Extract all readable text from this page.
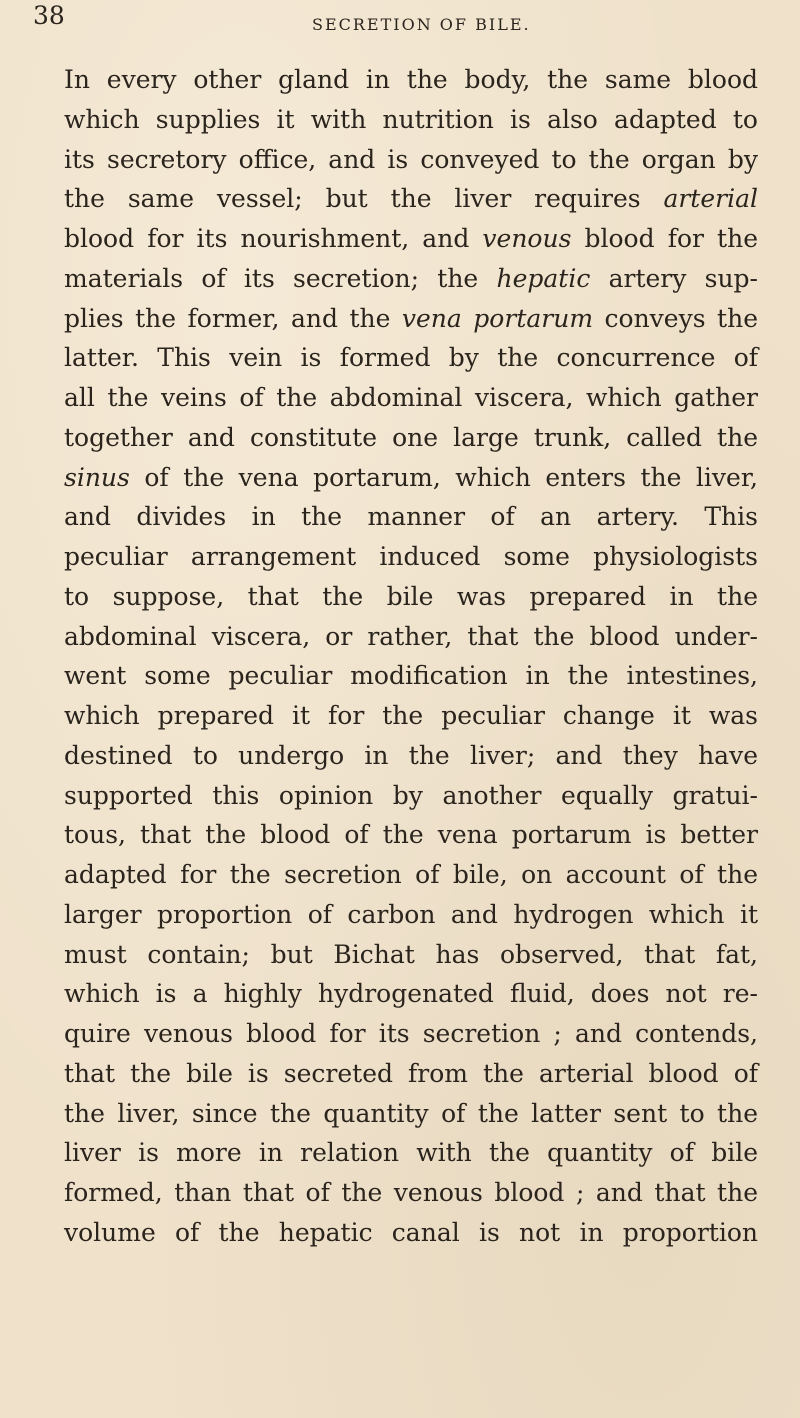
38	SECRETION OF BILE.

In every other gland in the body, the same blood
which supplies it with nutrition is also adapted to
its secretory office, and is conveyed to the organ by
the same vessel; but the liver requires arterial
blood for its nourishment, and venous blood for the
materials of its secretion; the hepatic artery sup-
plies the former, and the vena portarum conveys the
latter. This vein is formed by the concurrence of
all the veins of the abdominal viscera, which gather
together and constitute one large trunk, called the
sinus of the vena portarum, which enters the liver,
and divides in the manner of an artery. This
peculiar arrangement induced some physiologists
to suppose, that the bile was prepared in the
abdominal viscera, or rather, that the blood under-
went some peculiar modification in the intestines,
which prepared it for the peculiar change it was
destined to undergo in the liver; and they have
supported this opinion by another equally gratui-
tous, that the blood of the vena portarum is better
adapted for the secretion of bile, on account of the
larger proportion of carbon and hydrogen which it
must contain; but Bichat has observed, that fat,
which is a highly hydrogenated fluid, does not re-
quire venous blood for its secretion ; and contends,
that the bile is secreted from the arterial blood of
the liver, since the quantity of the latter sent to the
liver is more in relation with the quantity of bile
formed, than that of the venous blood ; and that the
volume of the hepatic canal is not in proportion
